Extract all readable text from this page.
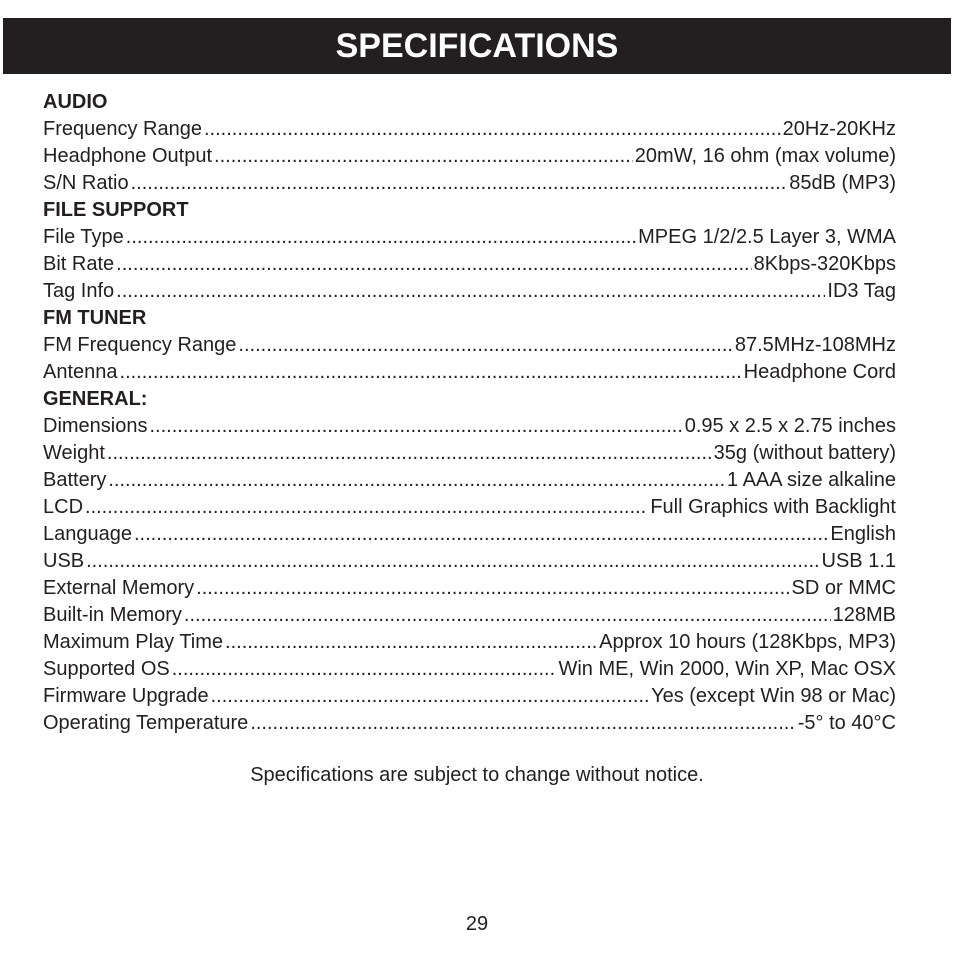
SPECIFICATIONS
AUDIO
Frequency Range .....	20Hz-20KHz
Headphone Output .....	20mW, 16 ohm (max volume)
S/N Ratio .....	85dB (MP3)
FILE SUPPORT
File Type .....	MPEG 1/2/2.5 Layer 3, WMA
Bit Rate .....	8Kbps-320Kbps
Tag Info .....	ID3 Tag
FM TUNER
FM Frequency Range .....	87.5MHz-108MHz
Antenna .....	Headphone Cord
GENERAL:
Dimensions .....	0.95 x 2.5 x 2.75 inches
Weight .....	35g (without battery)
Battery .....	1 AAA size alkaline
LCD .....	Full Graphics with Backlight
Language .....	English
USB .....	USB 1.1
External Memory .....	SD or MMC
Built-in Memory .....	128MB
Maximum Play Time .....	Approx 10 hours (128Kbps, MP3)
Supported OS .....	Win ME, Win 2000, Win XP, Mac OSX
Firmware Upgrade .....	Yes (except Win 98 or Mac)
Operating Temperature .....	-5° to 40°C
Specifications are subject to change without notice.
29
